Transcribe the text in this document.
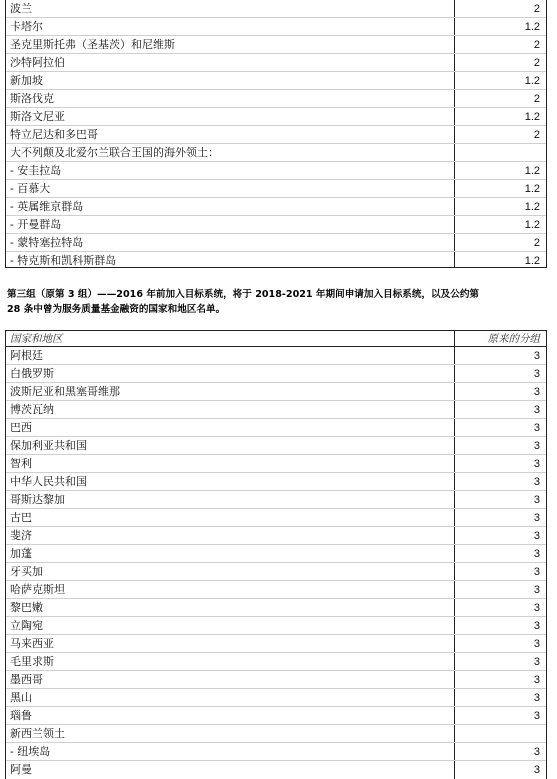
波兰	2
卡塔尔	1.2
圣克里斯托弗（圣基茨）和尼维斯	2
沙特阿拉伯	2
新加坡	1.2
斯洛伐克	2
斯洛文尼亚	1.2
特立尼达和多巴哥	2
大不列颠及北爱尔兰联合王国的海外领土：
- 安圭拉岛	1.2
- 百慕大	1.2
- 英属维京群岛	1.2
- 开曼群岛	1.2
- 蒙特塞拉特岛	2
- 特克斯和凯科斯群岛	1.2
第三组（原第 3 组）——2016 年前加入目标系统，将于 2018-2021 年期间申请加入目标系统，以及公约第
28 条中曾为服务质量基金融资的国家和地区名单。
国家和地区	原来的分组
阿根廷	3
白俄罗斯	3
波斯尼亚和黑塞哥维那	3
博茨瓦纳	3
巴西	3
保加利亚共和国	3
智利	3
中华人民共和国	3
哥斯达黎加	3
古巴	3
斐济	3
加蓬	3
牙买加	3
哈萨克斯坦	3
黎巴嫩	3
立陶宛	3
马来西亚	3
毛里求斯	3
墨西哥	3
黑山	3
瑙鲁	3
新西兰领土
- 纽埃岛	3
阿曼	3
